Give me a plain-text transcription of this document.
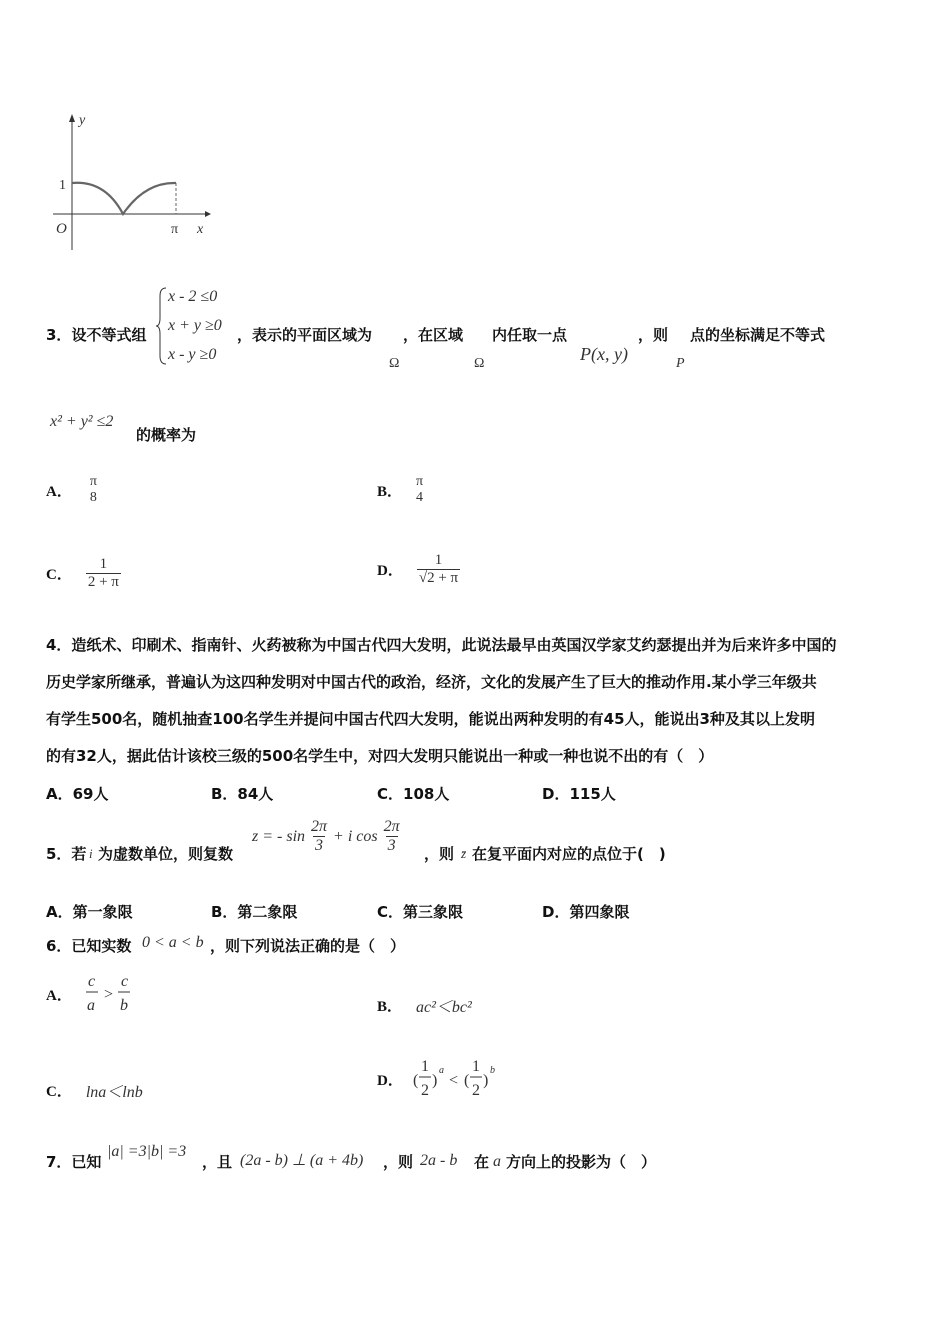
y
1
O	π x
x - 2 ≤0
x + y ≥0
x - y ≥0
3．设不等式组	，表示的平面区域为 ，在区域 内任取一点	，则 点的坐标满足不等式
Ω	Ω	P(x, y)	P
x² + y² ≤2
的概率为
A．
π
8	B．
π
4
C． $\frac{1}{2 + \pi}$	D． $\frac{1}{√2 + \pi}$
4．造纸术、印刷术、指南针、火药被称为中国古代四大发明，此说法最早由英国汉学家艾约瑟提出并为后来许多中国的
历史学家所继承，普遍认为这四种发明对中国古代的政治，经济，文化的发展产生了巨大的推动作用.某小学三年级共
有学生500名，随机抽查100名学生并提问中国古代四大发明，能说出两种发明的有45人，能说出3种及其以上发明
的有32人，据此估计该校三级的500名学生中，对四大发明只能说出一种或一种也说不出的有（　）
A．69人	B．84人	C．108人	D．115人
5．若 i 为虚数单位，则复数
z = - $\sin \frac{2\pi}{3} + i$ $\cos \frac{2\pi}{3}$ ，则 z̄ 在复平面内对应的点位于(　)
A．第一象限	B．第二象限	C．第三象限	D．第四象限
6．已知实数 0 < a < b ，则下列说法正确的是（　）
A．
c
a
>
c
b	B． ac²＜bc²
C． lna＜lnb
D． (
1
2
)
a
< (
1
2
)
b
7．已知
|a| =3|b| =3
，且 (2a - b) ⊥ (a + 4b) ，则 2a - b 在 a 方向上的投影为（　）
